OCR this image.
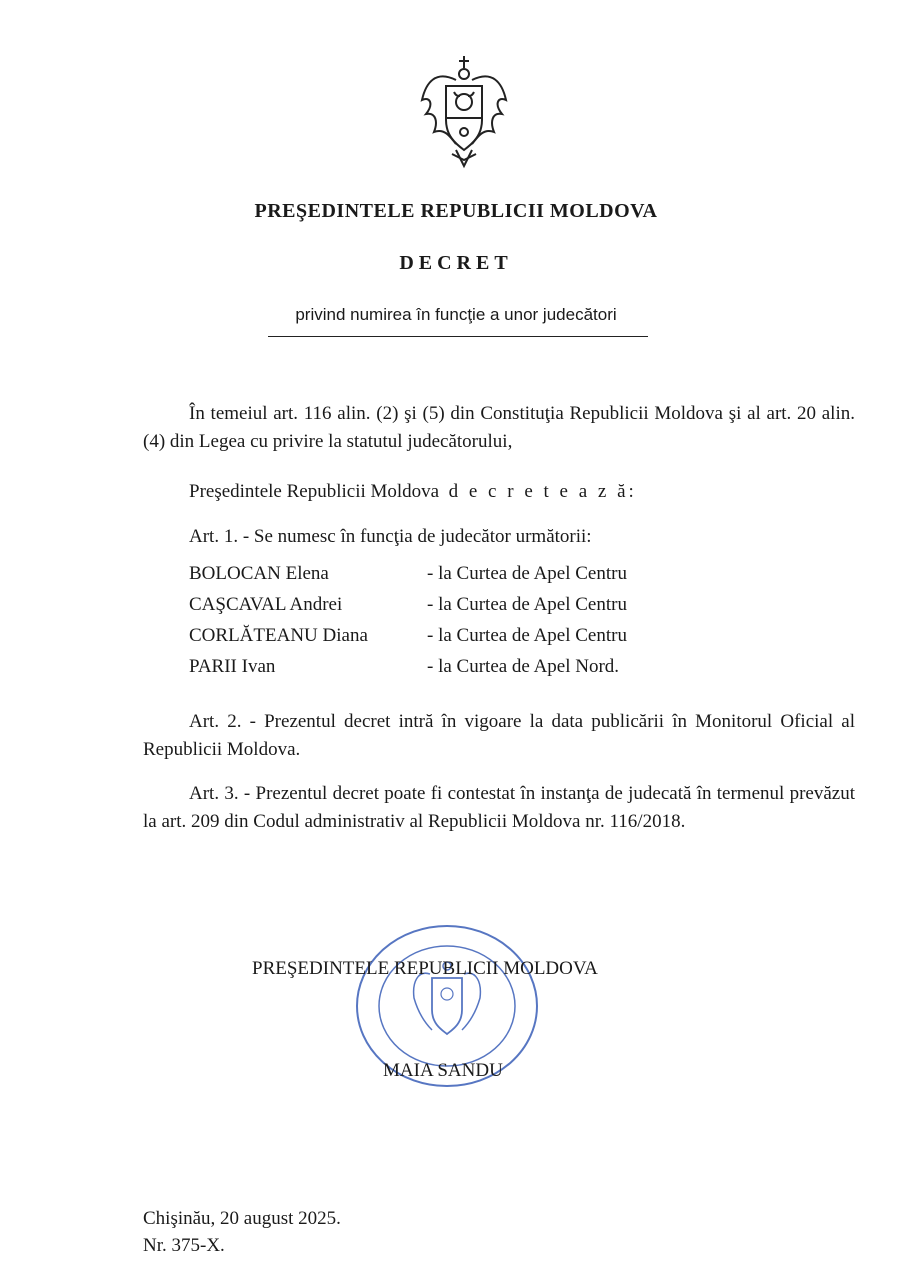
PREŞEDINTELE REPUBLICII MOLDOVA
DECRET
privind numirea în funcţie a unor judecători
În temeiul art. 116 alin. (2) şi (5) din Constituţia Republicii Moldova şi al art. 20 alin. (4) din Legea cu privire la statutul judecătorului,
Preşedintele Republicii Moldova d e c r e t e a z ă:
Art. 1. - Se numesc în funcţia de judecător următorii:
BOLOCAN Elena	- la Curtea de Apel Centru
CAŞCAVAL Andrei	- la Curtea de Apel Centru
CORLĂTEANU Diana	- la Curtea de Apel Centru
PARII Ivan	- la Curtea de Apel Nord.
Art. 2. - Prezentul decret intră în vigoare la data publicării în Monitorul Oficial al Republicii Moldova.
Art. 3. - Prezentul decret poate fi contestat în instanţa de judecată în termenul prevăzut la art. 209 din Codul administrativ al Republicii Moldova nr. 116/2018.
PREŞEDINTELE REPUBLICII MOLDOVA
MAIA SANDU
Chişinău, 20 august 2025.
Nr. 375-X.
